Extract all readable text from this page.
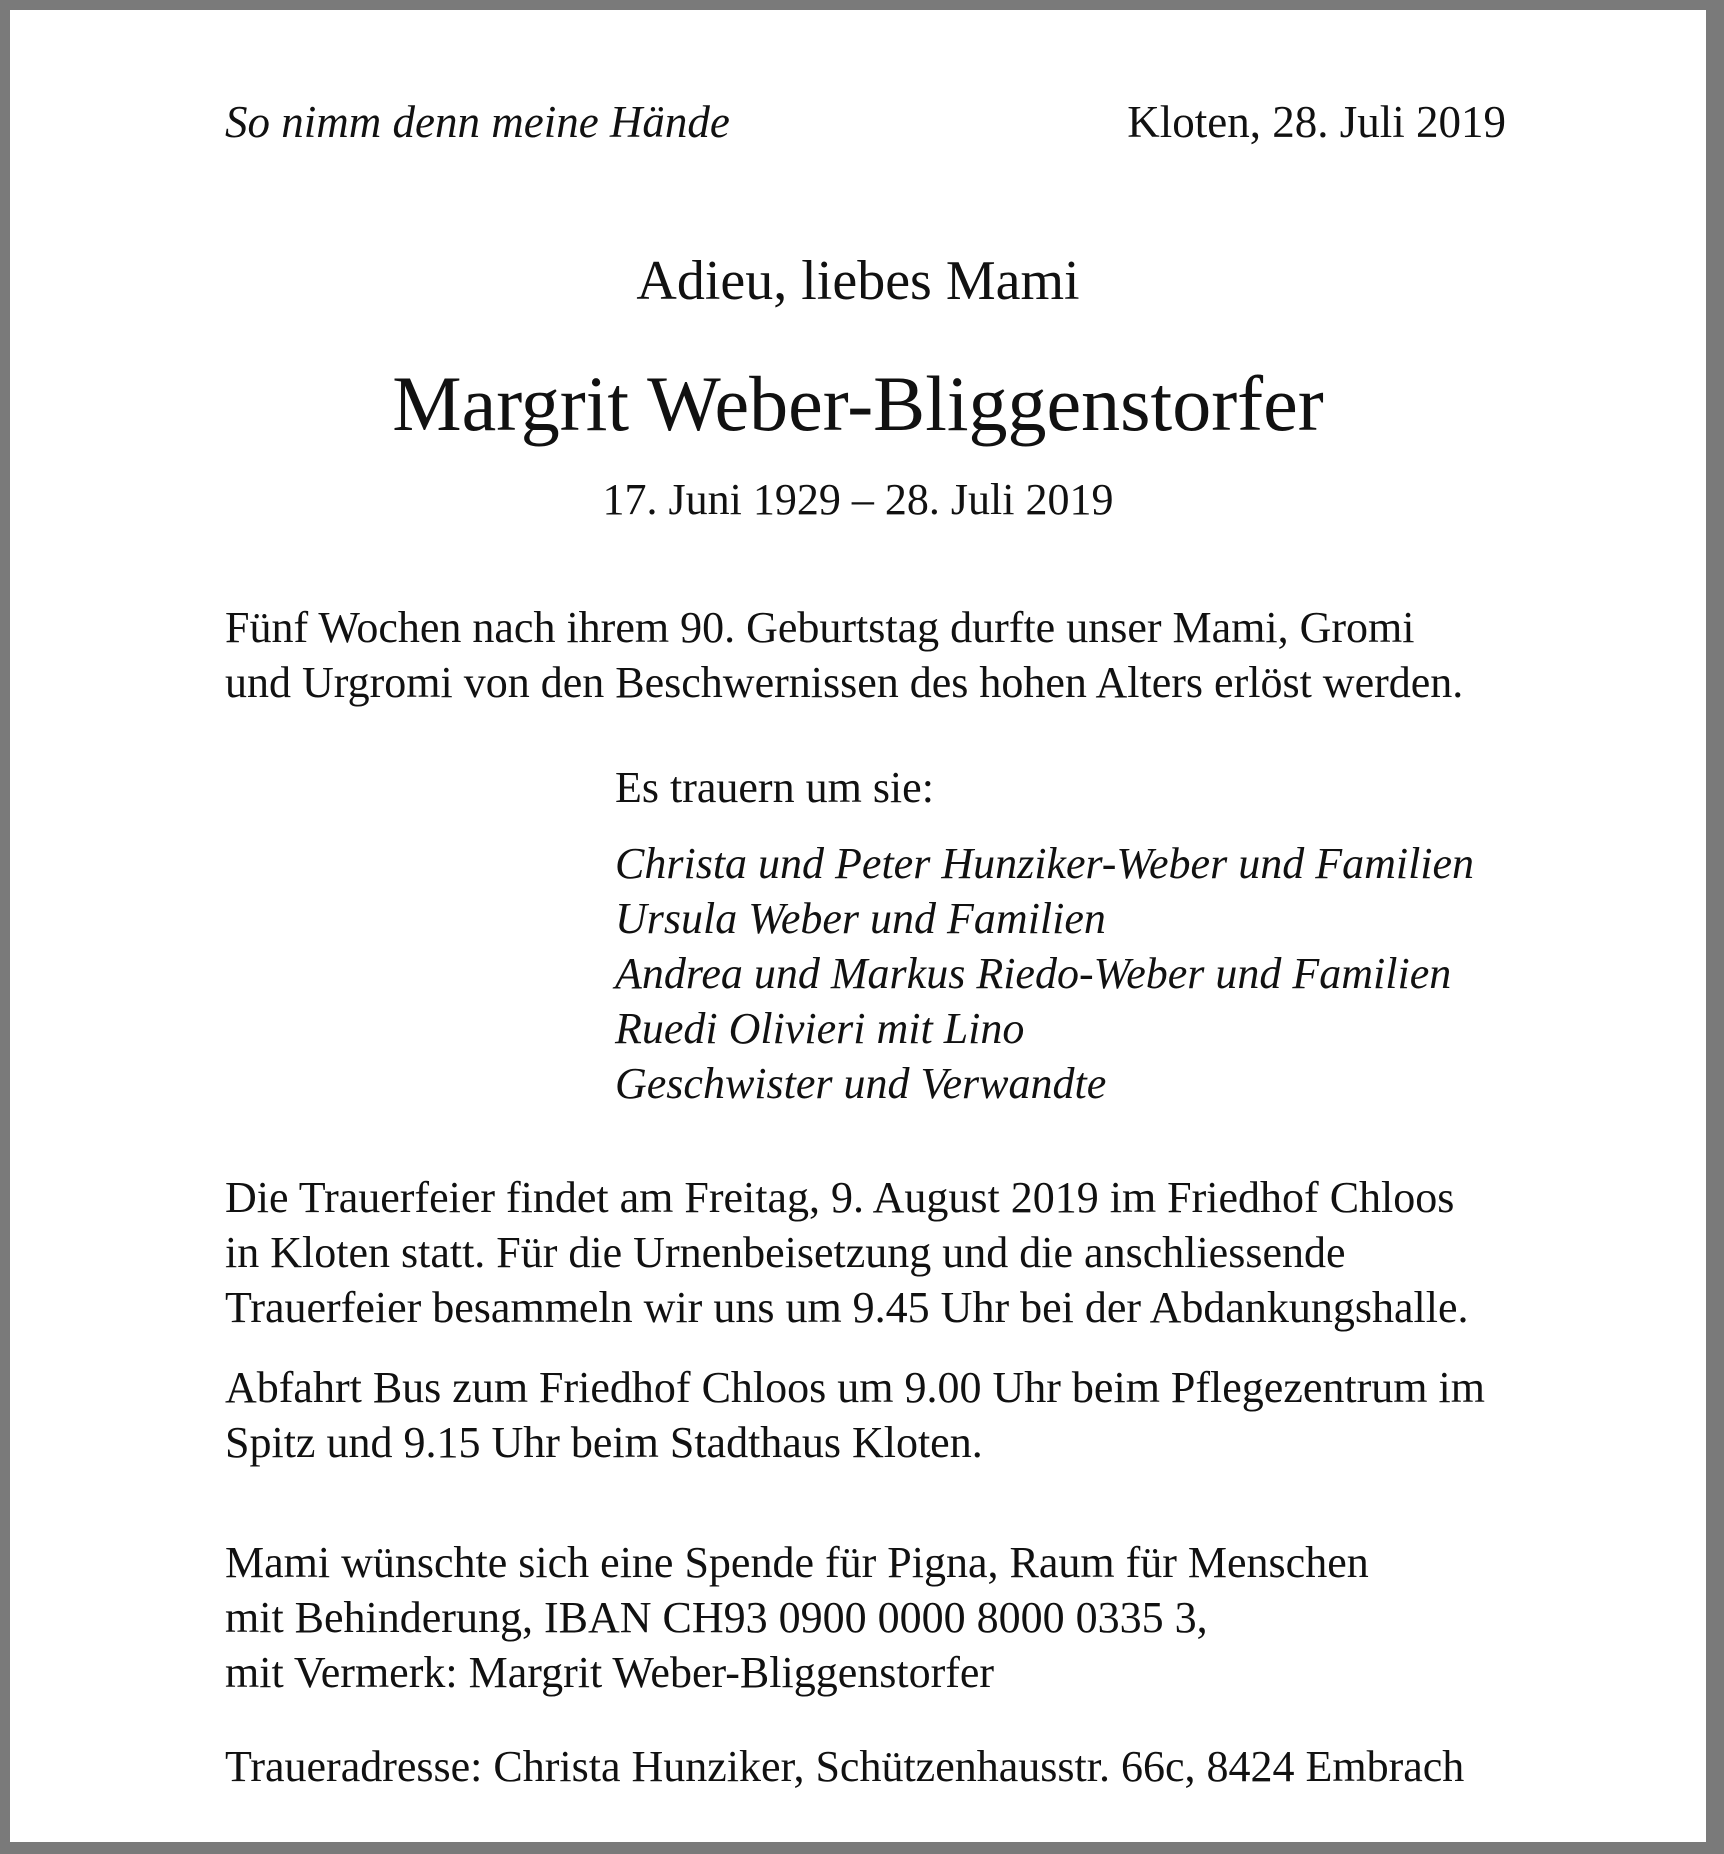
So nimm denn meine Hände	Kloten, 28. Juli 2019

Adieu, liebes Mami

Margrit Weber-Bliggenstorfer

17. Juni 1929 – 28. Juli 2019

Fünf Wochen nach ihrem 90. Geburtstag durfte unser Mami, Gromi
und Urgromi von den Beschwernissen des hohen Alters erlöst werden.

Es trauern um sie:

Christa und Peter Hunziker-Weber und Familien
Ursula Weber und Familien
Andrea und Markus Riedo-Weber und Familien
Ruedi Olivieri mit Lino
Geschwister und Verwandte
Die Trauerfeier findet am Freitag, 9. August 2019 im Friedhof Chloos
in Kloten statt. Für die Urnenbeisetzung und die anschliessende
Trauerfeier besammeln wir uns um 9.45 Uhr bei der Abdankungshalle.
Abfahrt Bus zum Friedhof Chloos um 9.00 Uhr beim Pflegezentrum im
Spitz und 9.15 Uhr beim Stadthaus Kloten.
Mami wünschte sich eine Spende für Pigna, Raum für Menschen
mit Behinderung, IBAN CH93 0900 0000 8000 0335 3,
mit Vermerk: Margrit Weber-Bliggenstorfer

Traueradresse: Christa Hunziker, Schützenhausstr. 66c, 8424 Embrach
